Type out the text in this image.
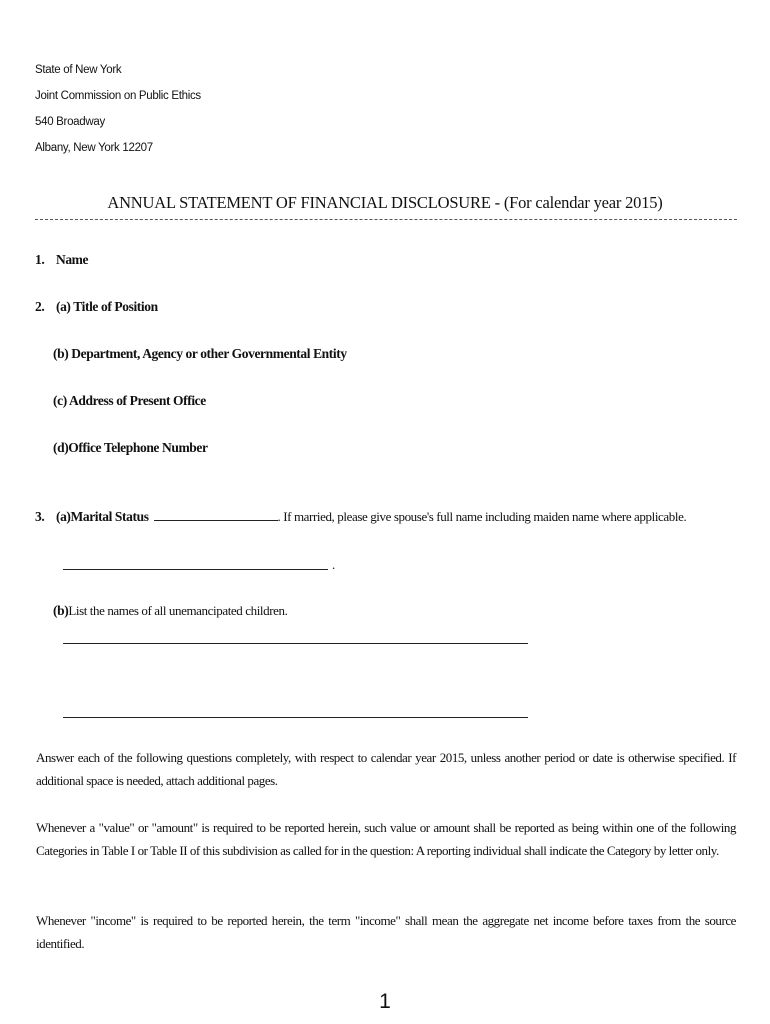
State of New York
Joint Commission on Public Ethics
540 Broadway
Albany, New York 12207
ANNUAL STATEMENT OF FINANCIAL DISCLOSURE - (For calendar year 2015)
1. Name
2. (a) Title of Position
(b) Department, Agency or other Governmental Entity
(c) Address of Present Office
(d)Office Telephone Number
3. (a)Marital Status	. If married, please give spouse's full name including maiden name where applicable.
.
(b)List the names of all unemancipated children.
Answer each of the following questions completely, with respect to calendar year 2015, unless another period or date is otherwise specified. If additional space is needed, attach additional pages.
Whenever a "value" or "amount" is required to be reported herein, such value or amount shall be reported as being within one of the following Categories in Table I or Table II of this subdivision as called for in the question: A reporting individual shall indicate the Category by letter only.
Whenever "income" is required to be reported herein, the term "income" shall mean the aggregate net income before taxes from the source identified.
1
